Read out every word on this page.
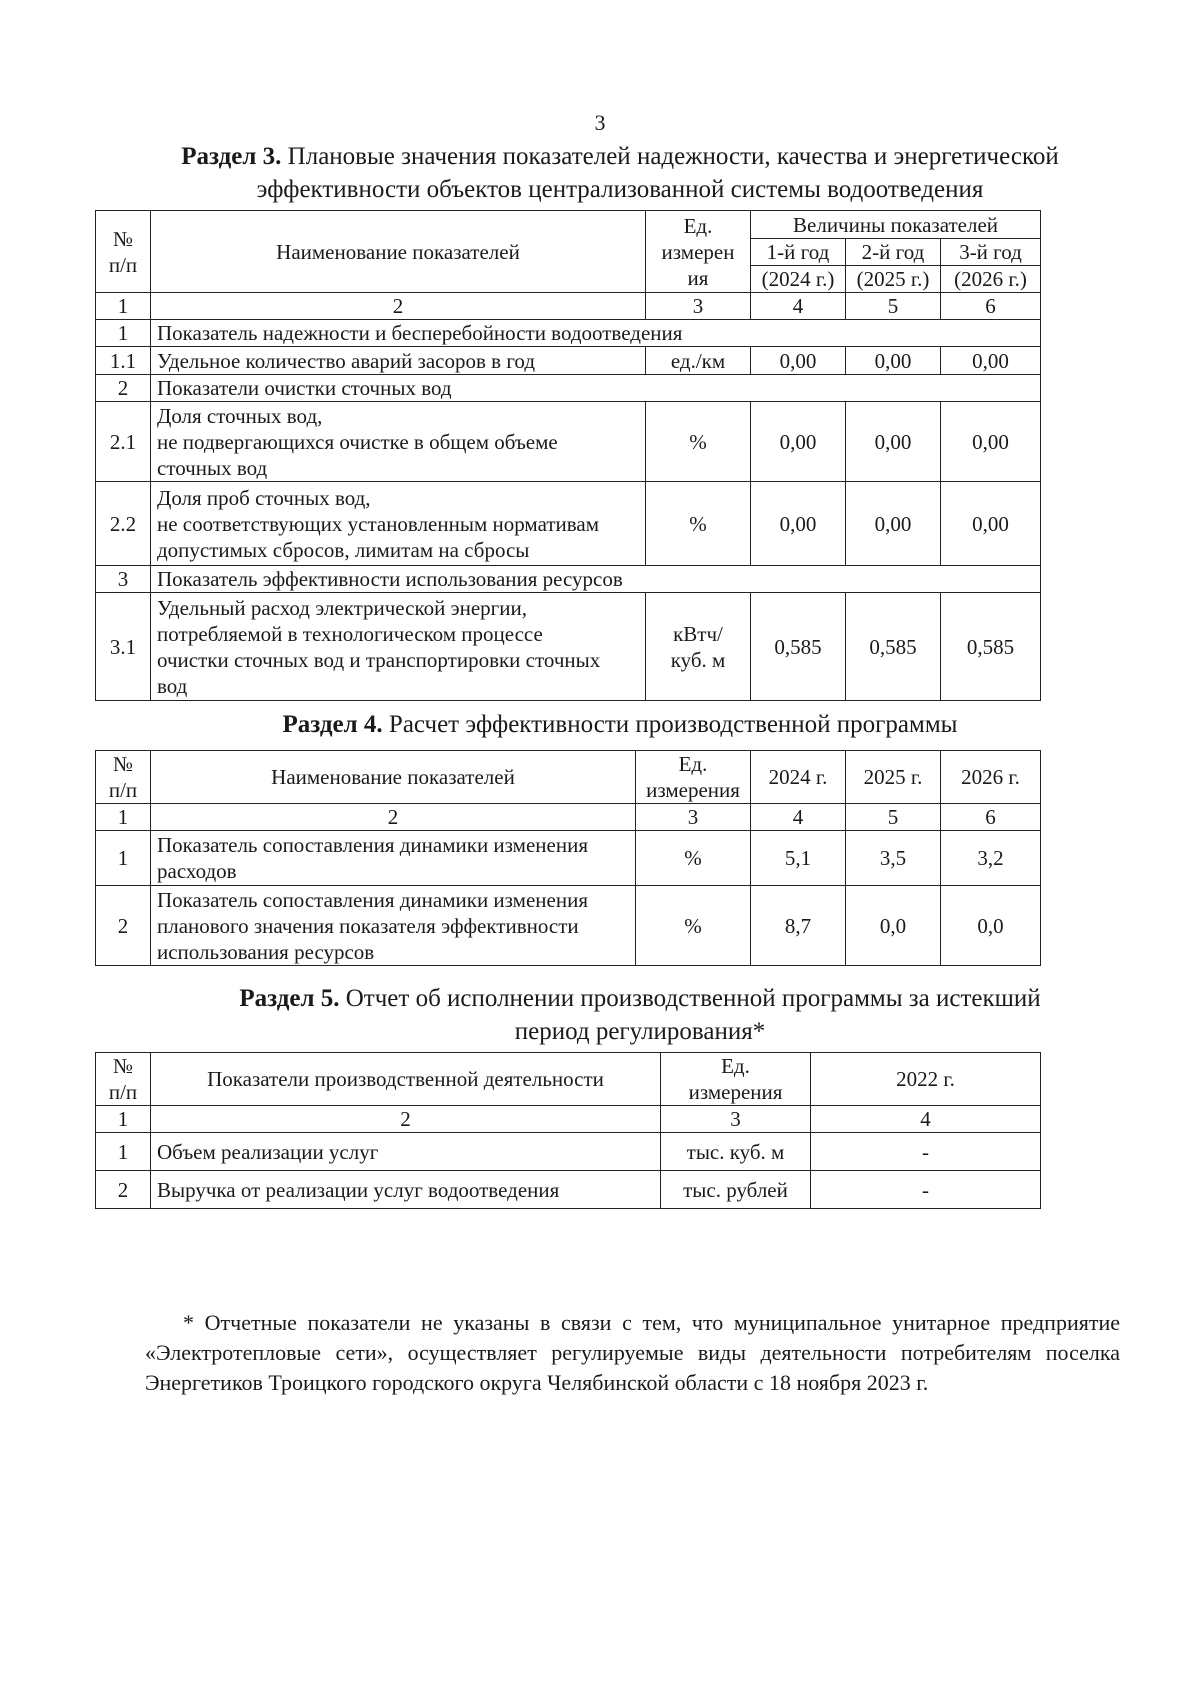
3
Раздел 3. Плановые значения показателей надежности, качества и энергетической
эффективности объектов централизованной системы водоотведения
№
п/п	Наименование показателей	Ед.
измерен
ия	Величины показателей		
			1-й год	2-й год	3-й год
			(2024 г.)	(2025 г.)	(2026 г.)
1	2	3	4	5	6
1	Показатель надежности и бесперебойности водоотведения				
1.1	Удельное количество аварий засоров в год	ед./км	0,00	0,00	0,00
2	Показатели очистки сточных вод				
2.1	Доля сточных вод,
не подвергающихся очистке в общем объеме
сточных вод	%	0,00	0,00	0,00
2.2	Доля проб сточных вод,
не соответствующих установленным нормативам
допустимых сбросов, лимитам на сбросы	%	0,00	0,00	0,00
3	Показатель эффективности использования ресурсов				
3.1	Удельный расход электрической энергии,
потребляемой в технологическом процессе
очистки сточных вод и транспортировки сточных
вод	кВтч/
куб. м	0,585	0,585	0,585
Раздел 4. Расчет эффективности производственной программы
№
п/п	Наименование показателей	Ед.
измерения	2024 г.	2025 г.	2026 г.
1	2	3	4	5	6
1	Показатель сопоставления динамики изменения
расходов	%	5,1	3,5	3,2
2	Показатель сопоставления динамики изменения
планового значения показателя эффективности
использования ресурсов	%	8,7	0,0	0,0
Раздел 5. Отчет об исполнении производственной программы за истекший
период регулирования*
№
п/п	Показатели производственной деятельности	Ед.
измерения	2022 г.
1	2	3	4
1	Объем реализации услуг	тыс. куб. м	-
2	Выручка от реализации услуг водоотведения	тыс. рублей	-
* Отчетные показатели не указаны в связи с тем, что муниципальное унитарное предприятие «Электротепловые сети», осуществляет регулируемые виды деятельности потребителям поселка Энергетиков Троицкого городского округа Челябинской области с 18 ноября 2023 г.
